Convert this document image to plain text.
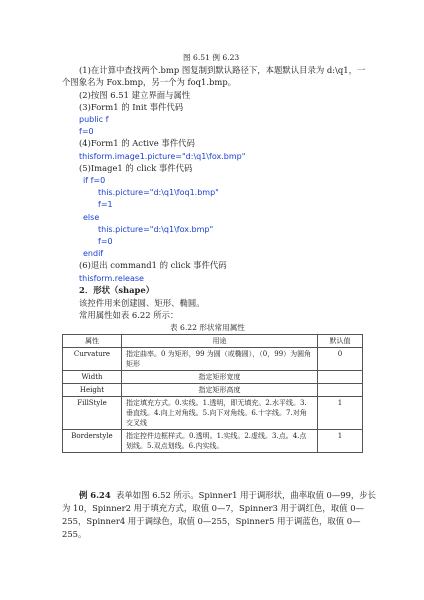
图 6.51 例 6.23
(1)在计算中查找两个.bmp 图复制到默认路径下，本题默认目录为 d:\q1，一
个图象名为 Fox.bmp，另一个为 foq1.bmp。
(2)按图 6.51 建立界面与属性
(3)Form1 的 Init 事件代码
public f
f=0
(4)Form1 的 Active 事件代码
thisform.image1.picture="d:\q1\fox.bmp"
(5)Image1 的 click 事件代码
if f=0
this.picture="d:\q1\foq1.bmp"
f=1
else
this.picture="d:\q1\fox.bmp"
f=0
endif
(6)退出 command1 的 click 事件代码
thisform.release
2．形状（shape）
该控件用来创建圆、矩形、椭圆。
常用属性如表 6.22 所示：
表 6.22 形状常用属性
属性	用途	默认值
Curvature	指定曲率。0 为矩形，99 为圆（或椭圆），（0，99）为圆角矩形	0
Width	指定矩形宽度	
Height	指定矩形高度	
FillStyle	指定填充方式。0.实线。1.透明，即无填充。2.水平线。3.垂直线。4.向上对角线。5.向下对角线。6.十字线。7.对角交叉线	1
Borderstyle	指定控件边框样式。0.透明。1.实线。2.虚线。3.点。4.点划线。5.双点划线。6.内实线。	1
例 6.24 表单如图 6.52 所示。Spinner1 用于调形状，曲率取值 0—99，步长
为 10，Spinner2 用于填充方式，取值 0—7，Spinner3 用于调红色，取值 0—
255，Spinner4 用于调绿色，取值 0—255，Spinner5 用于调蓝色，取值 0—
255。
